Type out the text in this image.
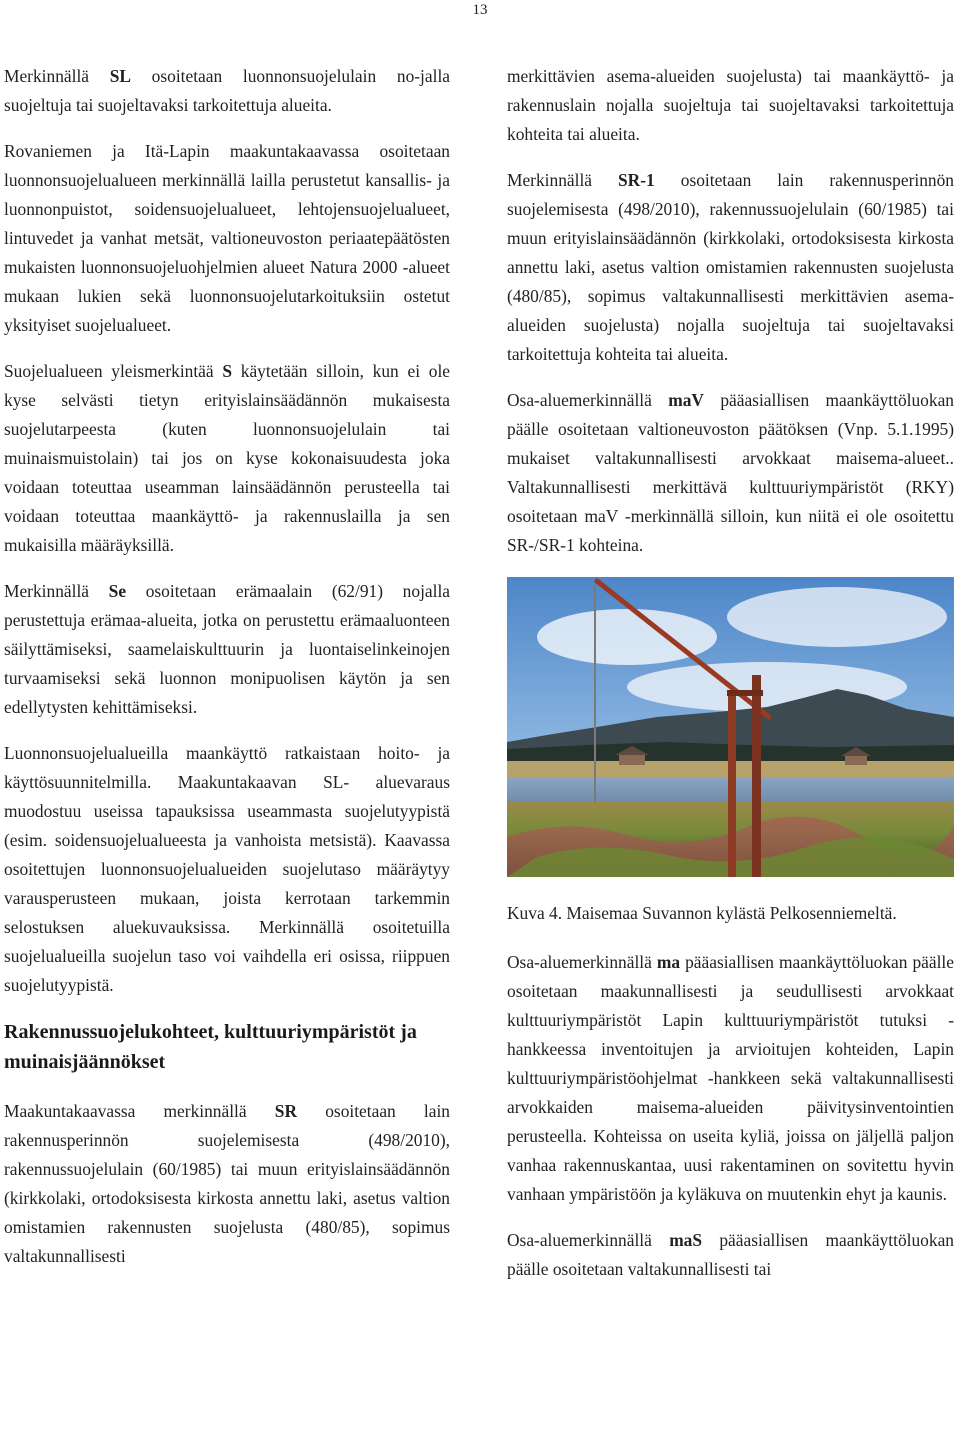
13

Merkinnällä SL osoitetaan luonnonsuojelulain no-jalla suojeltuja tai suojeltavaksi tarkoitettuja alueita.

Rovaniemen ja Itä-Lapin maakuntakaavassa osoitetaan luonnonsuojelualueen merkinnällä lailla perustetut kansallis- ja luonnonpuistot, soidensuojelualueet, lehtojensuojelualueet, lintuvedet ja vanhat metsät, valtioneuvoston periaatepäätösten mukaisten luonnonsuojeluohjelmien alueet Natura 2000 -alueet mukaan lukien sekä luonnonsuojelutarkoituksiin ostetut yksityiset suojelualueet.

Suojelualueen yleismerkintää S käytetään silloin, kun ei ole kyse selvästi tietyn erityislainsäädännön mukaisesta suojelutarpeesta (kuten luonnonsuojelulain tai muinaismuistolain) tai jos on kyse kokonaisuudesta joka voidaan toteuttaa useamman lainsäädännön perusteella tai voidaan toteuttaa maankäyttö- ja rakennuslailla ja sen mukaisilla määräyksillä.

Merkinnällä Se osoitetaan erämaalain (62/91) nojalla perustettuja erämaa-alueita, jotka on perustettu erämaaluonteen säilyttämiseksi, saamelaiskulttuurin ja luontaiselinkeinojen turvaamiseksi sekä luonnon monipuolisen käytön ja sen edellytysten kehittämiseksi.

Luonnonsuojelualueilla maankäyttö ratkaistaan hoito- ja käyttösuunnitelmilla. Maakuntakaavan SL- aluevaraus muodostuu useissa tapauksissa useammasta suojelutyypistä (esim. soidensuojelualueesta ja vanhoista metsistä). Kaavassa osoitettujen luonnonsuojelualueiden suojelutaso määräytyy varausperusteen mukaan, joista kerrotaan tarkemmin selostuksen aluekuvauksissa. Merkinnällä osoitetuilla suojelualueilla suojelun taso voi vaihdella eri osissa, riippuen suojelutyypistä.

Rakennussuojelukohteet, kulttuuriympäristöt ja muinaisjäännökset

Maakuntakaavassa merkinnällä SR osoitetaan lain rakennusperinnön suojelemisesta (498/2010), rakennussuojelulain (60/1985) tai muun erityislainsäädännön (kirkkolaki, ortodoksisesta kirkosta annettu laki, asetus valtion omistamien rakennusten suojelusta (480/85), sopimus valtakunnallisesti

merkittävien asema-alueiden suojelusta) tai maankäyttö- ja rakennuslain nojalla suojeltuja tai suojeltavaksi tarkoitettuja kohteita tai alueita.

Merkinnällä SR-1 osoitetaan lain rakennusperinnön suojelemisesta (498/2010), rakennussuojelulain (60/1985) tai muun erityislainsäädännön (kirkkolaki, ortodoksisesta kirkosta annettu laki, asetus valtion omistamien rakennusten suojelusta (480/85), sopimus valtakunnallisesti merkittävien asema-alueiden suojelusta) nojalla suojeltuja tai suojeltavaksi tarkoitettuja kohteita tai alueita.

Osa-aluemerkinnällä maV pääasiallisen maankäyttöluokan päälle osoitetaan valtioneuvoston päätöksen (Vnp. 5.1.1995) mukaiset valtakunnallisesti arvokkaat maisema-alueet.. Valtakunnallisesti merkittävä kulttuuriympäristöt (RKY) osoitetaan maV -merkinnällä silloin, kun niitä ei ole osoitettu SR-/SR-1 kohteina.

Kuva 4. Maisemaa Suvannon kylästä Pelkosenniemeltä.

Osa-aluemerkinnällä ma pääasiallisen maankäyttöluokan päälle osoitetaan maakunnallisesti ja seudullisesti arvokkaat kulttuuriympäristöt Lapin kulttuuriympäristöt tutuksi -hankkeessa inventoitujen ja arvioitujen kohteiden, Lapin kulttuuriympäristöohjelmat -hankkeen sekä valtakunnallisesti arvokkaiden maisema-alueiden päivitysinventointien perusteella. Kohteissa on useita kyliä, joissa on jäljellä paljon vanhaa rakennuskantaa, uusi rakentaminen on sovitettu hyvin vanhaan ympäristöön ja kyläkuva on muutenkin ehyt ja kaunis.

Osa-aluemerkinnällä maS pääasiallisen maankäyttöluokan päälle osoitetaan valtakunnallisesti tai
